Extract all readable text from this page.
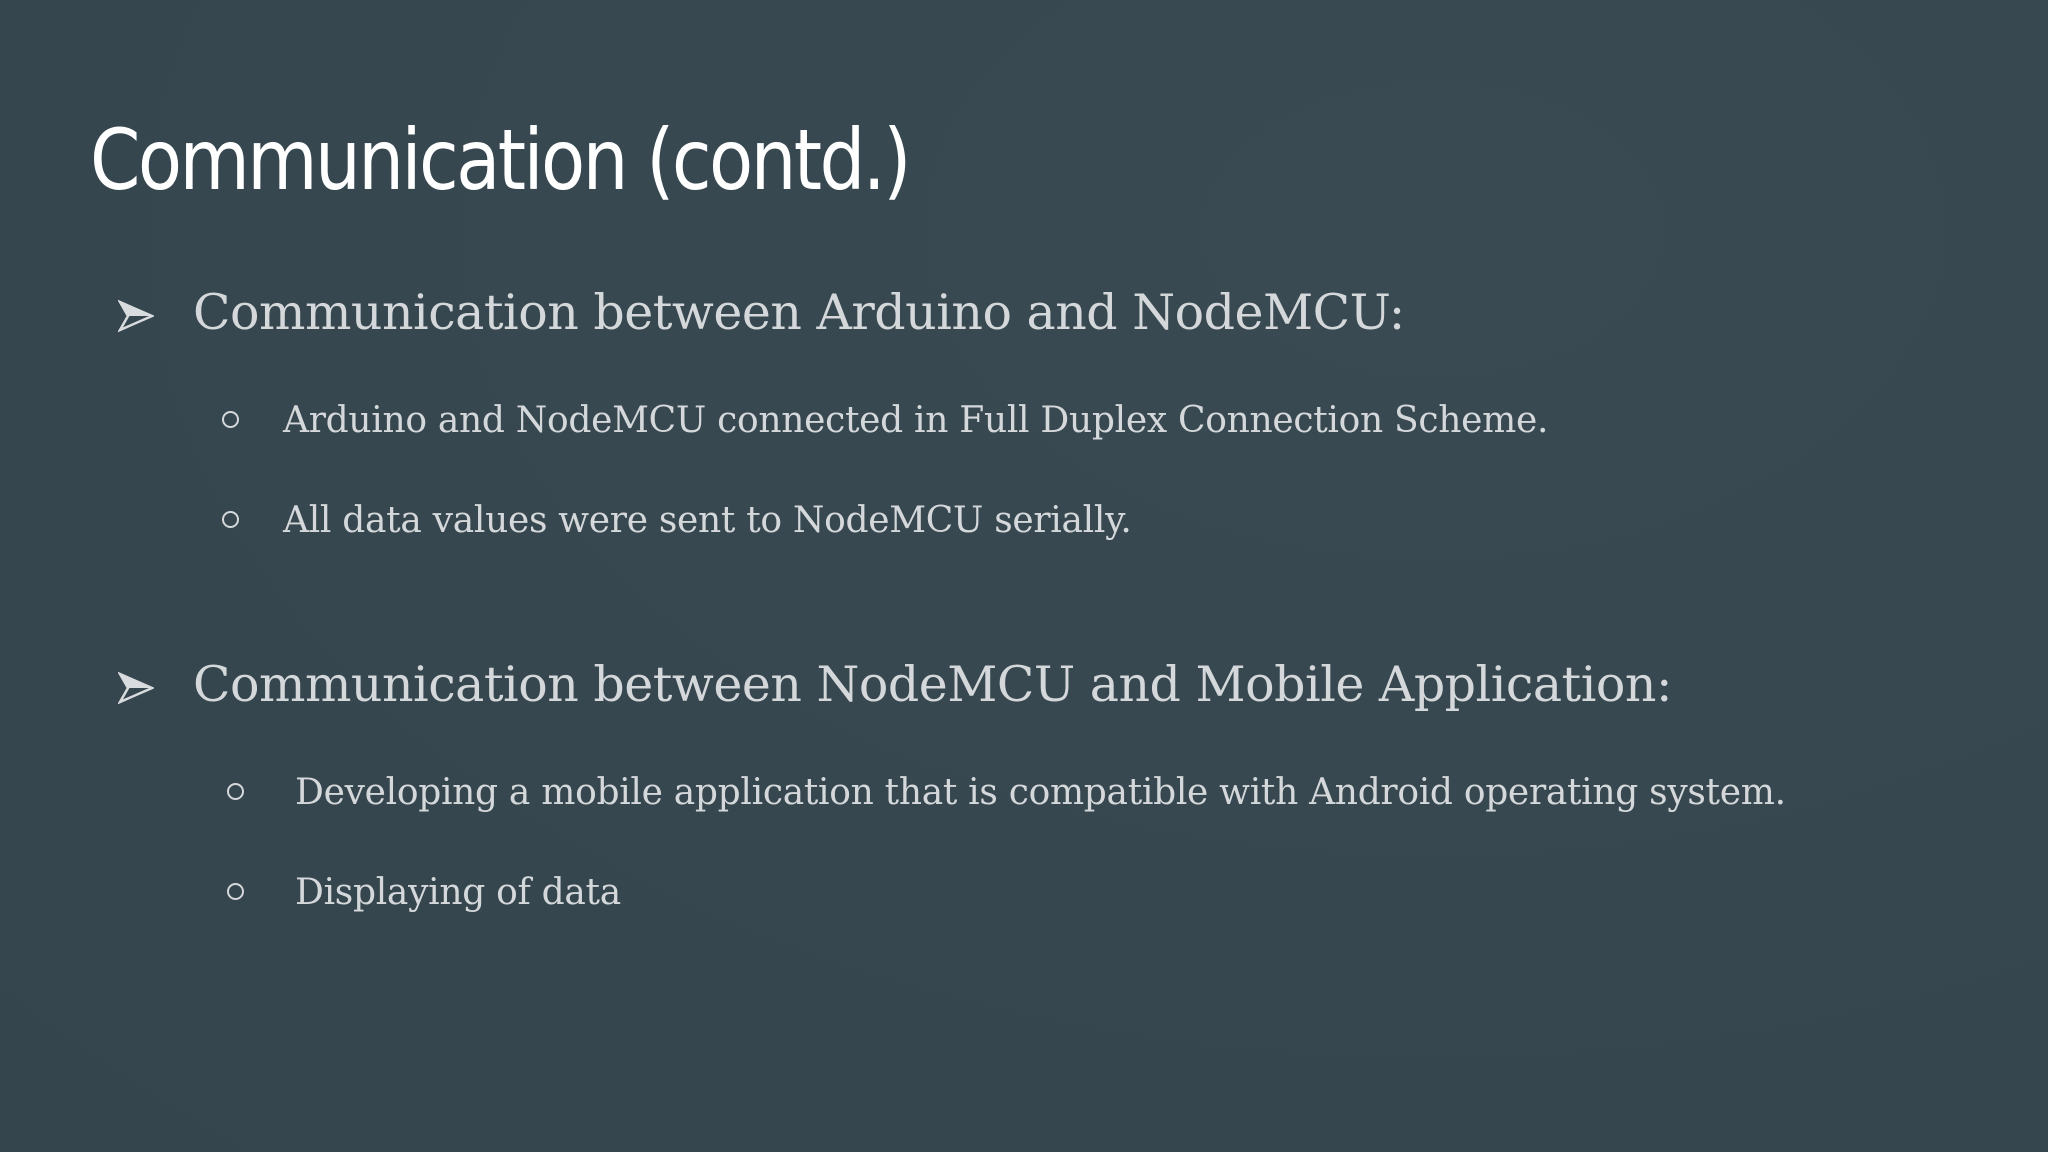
Communication (contd.)
Communication between Arduino and NodeMCU:
Arduino and NodeMCU connected in Full Duplex Connection Scheme.
All data values were sent to NodeMCU serially.
Communication between NodeMCU and Mobile Application:
Developing a mobile application that is compatible with Android operating system.
Displaying of data
